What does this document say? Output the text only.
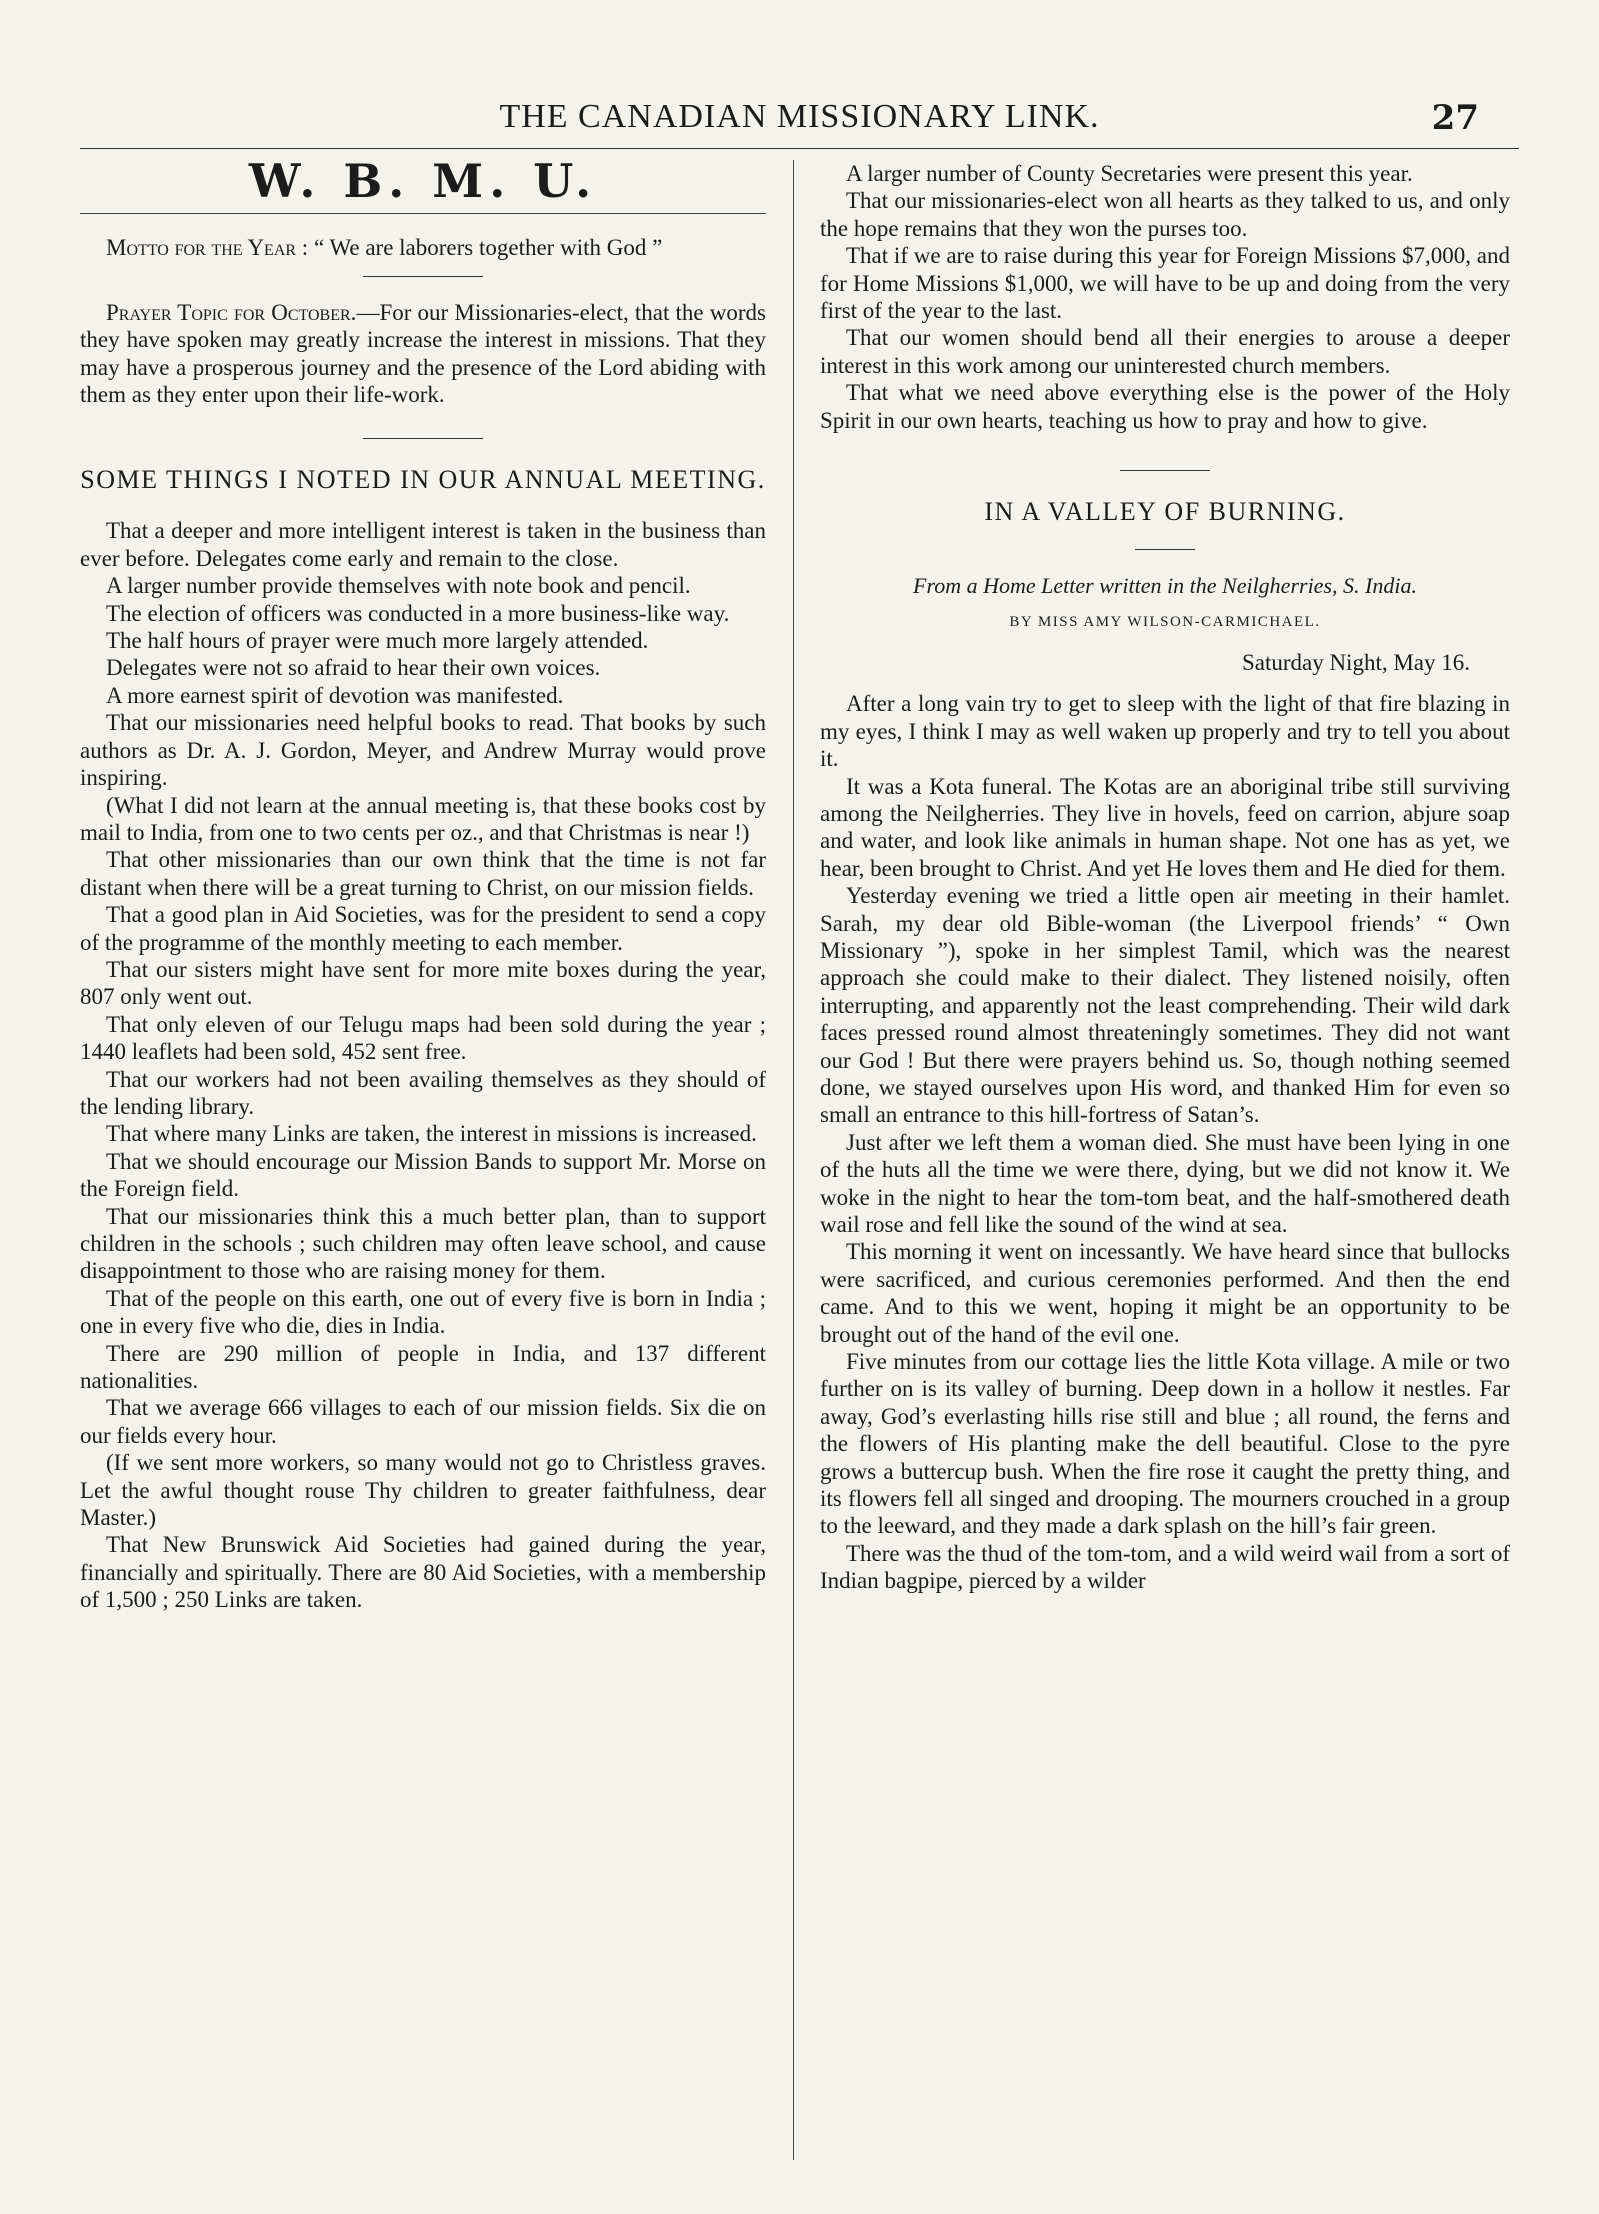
THE CANADIAN MISSIONARY LINK.	27
W. B. M. U.

Motto for the Year : “ We are laborers together with God ”

Prayer Topic for October.—For our Missionaries-elect, that the words they have spoken may greatly increase the interest in missions. That they may have a prosperous journey and the presence of the Lord abiding with them as they enter upon their life-work.

SOME THINGS I NOTED IN OUR ANNUAL MEETING.

That a deeper and more intelligent interest is taken in the business than ever before. Delegates come early and remain to the close.

A larger number provide themselves with note book and pencil.

The election of officers was conducted in a more business-like way.

The half hours of prayer were much more largely attended.

Delegates were not so afraid to hear their own voices.

A more earnest spirit of devotion was manifested.

That our missionaries need helpful books to read. That books by such authors as Dr. A. J. Gordon, Meyer, and Andrew Murray would prove inspiring.

(What I did not learn at the annual meeting is, that these books cost by mail to India, from one to two cents per oz., and that Christmas is near !)

That other missionaries than our own think that the time is not far distant when there will be a great turning to Christ, on our mission fields.

That a good plan in Aid Societies, was for the president to send a copy of the programme of the monthly meeting to each member.

That our sisters might have sent for more mite boxes during the year, 807 only went out.

That only eleven of our Telugu maps had been sold during the year ; 1440 leaflets had been sold, 452 sent free.

That our workers had not been availing themselves as they should of the lending library.

That where many Links are taken, the interest in missions is increased.

That we should encourage our Mission Bands to support Mr. Morse on the Foreign field.

That our missionaries think this a much better plan, than to support children in the schools ; such children may often leave school, and cause disappointment to those who are raising money for them.

That of the people on this earth, one out of every five is born in India ; one in every five who die, dies in India.

There are 290 million of people in India, and 137 different nationalities.

That we average 666 villages to each of our mission fields. Six die on our fields every hour.

(If we sent more workers, so many would not go to Christless graves. Let the awful thought rouse Thy children to greater faithfulness, dear Master.)

That New Brunswick Aid Societies had gained during the year, financially and spiritually. There are 80 Aid Societies, with a membership of 1,500 ; 250 Links are taken.

A larger number of County Secretaries were present this year.

That our missionaries-elect won all hearts as they talked to us, and only the hope remains that they won the purses too.

That if we are to raise during this year for Foreign Missions $7,000, and for Home Missions $1,000, we will have to be up and doing from the very first of the year to the last.

That our women should bend all their energies to arouse a deeper interest in this work among our uninterested church members.

That what we need above everything else is the power of the Holy Spirit in our own hearts, teaching us how to pray and how to give.

IN A VALLEY OF BURNING.

From a Home Letter written in the Neilgherries, S. India.

BY MISS AMY WILSON-CARMICHAEL.

Saturday Night, May 16.

After a long vain try to get to sleep with the light of that fire blazing in my eyes, I think I may as well waken up properly and try to tell you about it.

It was a Kota funeral. The Kotas are an aboriginal tribe still surviving among the Neilgherries. They live in hovels, feed on carrion, abjure soap and water, and look like animals in human shape. Not one has as yet, we hear, been brought to Christ. And yet He loves them and He died for them.

Yesterday evening we tried a little open air meeting in their hamlet. Sarah, my dear old Bible-woman (the Liverpool friends’ “ Own Missionary ”), spoke in her simplest Tamil, which was the nearest approach she could make to their dialect. They listened noisily, often interrupting, and apparently not the least comprehending. Their wild dark faces pressed round almost threateningly sometimes. They did not want our God ! But there were prayers behind us. So, though nothing seemed done, we stayed ourselves upon His word, and thanked Him for even so small an entrance to this hill-fortress of Satan’s.

Just after we left them a woman died. She must have been lying in one of the huts all the time we were there, dying, but we did not know it. We woke in the night to hear the tom-tom beat, and the half-smothered death wail rose and fell like the sound of the wind at sea.

This morning it went on incessantly. We have heard since that bullocks were sacrificed, and curious ceremonies performed. And then the end came. And to this we went, hoping it might be an opportunity to be brought out of the hand of the evil one.

Five minutes from our cottage lies the little Kota village. A mile or two further on is its valley of burning. Deep down in a hollow it nestles. Far away, God’s everlasting hills rise still and blue ; all round, the ferns and the flowers of His planting make the dell beautiful. Close to the pyre grows a buttercup bush. When the fire rose it caught the pretty thing, and its flowers fell all singed and drooping. The mourners crouched in a group to the leeward, and they made a dark splash on the hill’s fair green.

There was the thud of the tom-tom, and a wild weird wail from a sort of Indian bagpipe, pierced by a wilder
